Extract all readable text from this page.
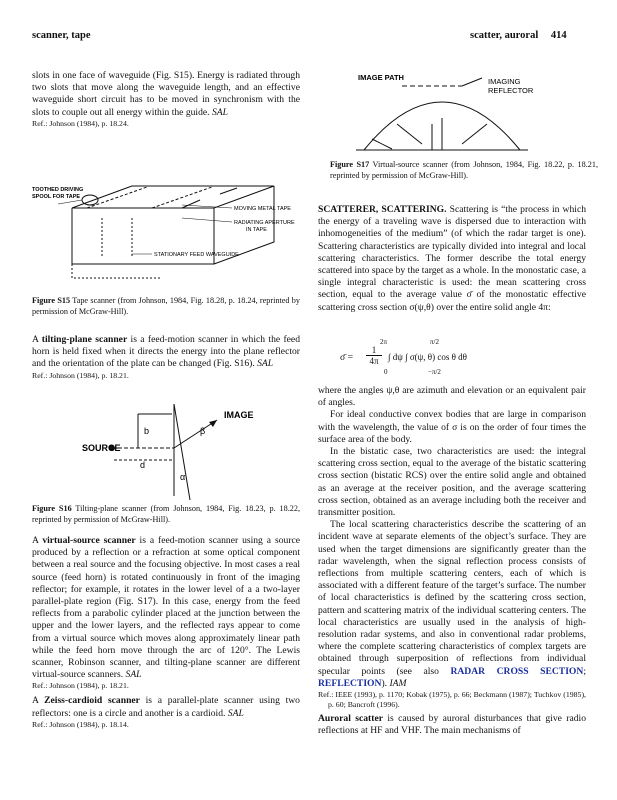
scanner, tape	scatter, auroral 414

slots in one face of waveguide (Fig. S15). Energy is radiated through two slots that move along the waveguide length, and an effective waveguide short circuit has to be moved in synchronism with the slots to couple out all energy within the guide. SAL

Ref.: Johnson (1984), p. 18.24.

TOOTHED DRIVING
SPOOL FOR TAPE
MOVING METAL TAPE
RADIATING APERTURE
IN TAPE
STATIONARY FEED WAVEGUIDE
Figure S15 Tape scanner (from Johnson, 1984, Fig. 18.28, p. 18.24, reprinted by permission of McGraw-Hill).

A tilting-plane scanner is a feed-motion scanner in which the feed horn is held fixed when it directs the energy into the plane reflector and the orientation of the plate can be changed (Fig. S16). SAL

Ref.: Johnson (1984), p. 18.21.

IMAGE
SOURCE
b
d
β
α
Figure S16 Tilting-plane scanner (from Johnson, 1984, Fig. 18.23, p. 18.22, reprinted by permission of McGraw-Hill).

A virtual-source scanner is a feed-motion scanner using a source produced by a reflection or a refraction at some optical component between a real source and the focusing objective. In most cases a real source (feed horn) is rotated continuously in front of the imaging reflector; for example, it rotates in the lower level of a a two-layer parallel-plate region (Fig. S17). In this case, energy from the feed reflects from a parabolic cylinder placed at the junction between the upper and the lower layers, and the reflected rays appear to come from a virtual source which moves along approximately linear path while the feed horn move through the arc of 120°. The Lewis scanner, Robinson scanner, and tilting-plane scanner are different virtual-source scanners. SAL

Ref.: Johnson (1984), p. 18.21.

A Zeiss-cardioid scanner is a parallel-plate scanner using two reflectors: one is a circle and another is a cardioid. SAL

Ref.: Johnson (1984), p. 18.14.

IMAGE PATH	IMAGING
REFLECTOR
Figure S17 Virtual-source scanner (from Johnson, 1984, Fig. 18.22, p. 18.21, reprinted by permission of McGraw-Hill).

SCATTERER, SCATTERING. Scattering is “the process in which the energy of a traveling wave is dispersed due to interaction with inhomogeneities of the medium” (of which the radar target is one). Scattering characteristics are typically divided into integral and local scattering characteristics. The former describe the total energy scattered into space by the target as a whole. In the monostatic case, a single integral characteristic is used: the mean scattering cross section, equal to the average value σ̄ of the monostatic effective scattering cross section σ(ψ,θ) over the entire solid angle 4π:

σ̄ =
1
4π
2π	π/2
∫ dψ ∫ σ(ψ, θ) cos θ dθ
0	−π/2

where the angles ψ,θ are azimuth and elevation or an equivalent pair of angles.

For ideal conductive convex bodies that are large in comparison with the wavelength, the value of σ is on the order of four times the surface area of the body.

In the bistatic case, two characteristics are used: the integral scattering cross section, equal to the average of the bistatic scattering cross section (bistatic RCS) over the entire solid angle and obtained as an average at the receiver position, and the average scattering cross section, obtained as an average including both the receiver and transmitter position.

The local scattering characteristics describe the scattering of an incident wave at separate elements of the object’s surface. They are used when the target dimensions are significantly greater than the radar wavelength, when the signal reflection process consists of reflections from multiple scattering centers, each of which is associated with a different feature of the target’s surface. The number of local characteristics is defined by the scattering cross section, pattern and scattering matrix of the individual scattering centers. The local characteristics are usually used in the analysis of high-resolution radar systems, and also in conventional radar problems, where the complete scattering characteristics of complex targets are obtained through superposition of reflections from individual specular points (see also RADAR CROSS SECTION; REFLECTION). IAM

Ref.: IEEE (1993), p. 1170; Kobak (1975), p. 66; Beckmann (1987); Tuchkov (1985), p. 60; Bancroft (1996).

Auroral scatter is caused by auroral disturbances that give radio reflections at HF and VHF. The main mechanisms of
